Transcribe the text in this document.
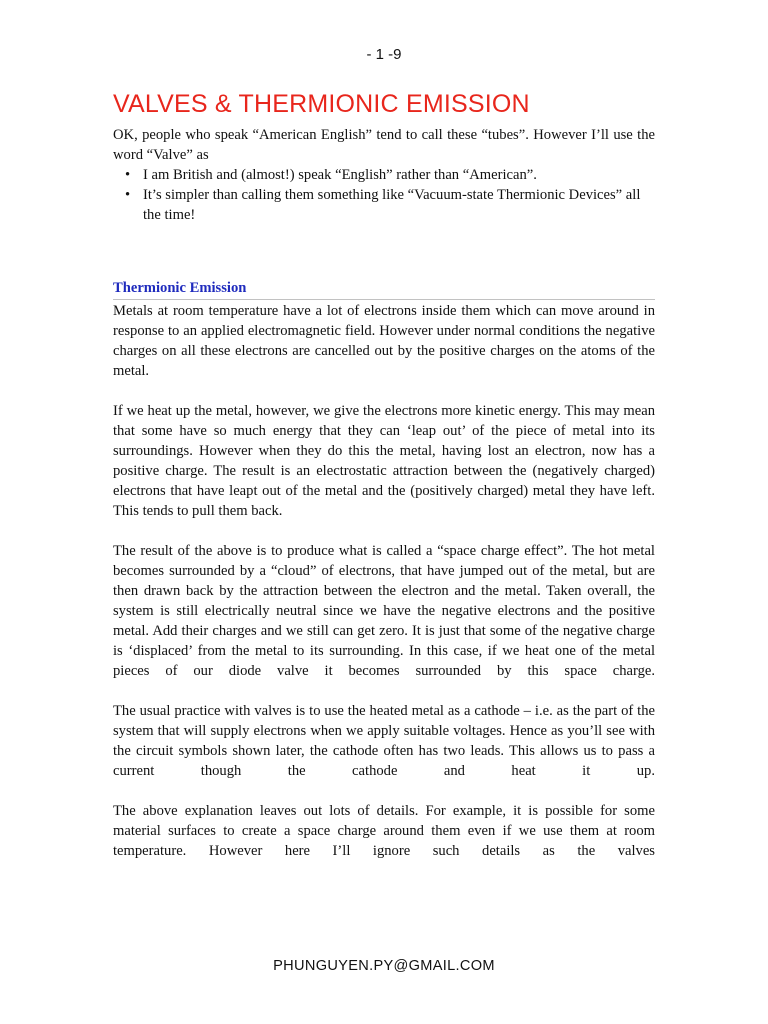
- 1 -9
VALVES & THERMIONIC EMISSION

OK, people who speak “American English” tend to call these “tubes”. However I’ll use the word “Valve” as

• I am British and (almost!) speak “English” rather than “American”.
• It’s simpler than calling them something like “Vacuum-state Thermionic Devices” all the time!
Thermionic Emission

Metals at room temperature have a lot of electrons inside them which can move around in response to an applied electromagnetic field. However under normal conditions the negative charges on all these electrons are cancelled out by the positive charges on the atoms of the metal.

If we heat up the metal, however, we give the electrons more kinetic energy. This may mean that some have so much energy that they can ‘leap out’ of the piece of metal into its surroundings. However when they do this the metal, having lost an electron, now has a positive charge. The result is an electrostatic attraction between the (negatively charged) electrons that have leapt out of the metal and the (positively charged) metal they have left. This tends to pull them back.

The result of the above is to produce what is called a “space charge effect”. The hot metal becomes surrounded by a “cloud” of electrons, that have jumped out of the metal, but are then drawn back by the attraction between the electron and the metal. Taken overall, the system is still electrically neutral since we have the negative electrons and the positive metal. Add their charges and we still can get zero. It is just that some of the negative charge is ‘displaced’ from the metal to its surrounding. In this case, if we heat one of the metal pieces of our diode valve it becomes surrounded by this space charge.

The usual practice with valves is to use the heated metal as a cathode – i.e. as the part of the system that will supply electrons when we apply suitable voltages. Hence as you’ll see with the circuit symbols shown later, the cathode often has two leads. This allows us to pass a current though the cathode and heat it up.

The above explanation leaves out lots of details. For example, it is possible for some material surfaces to create a space charge around them even if we use them at room temperature. However here I’ll ignore such details as the valves

PHUNGUYEN.PY@GMAIL.COM
